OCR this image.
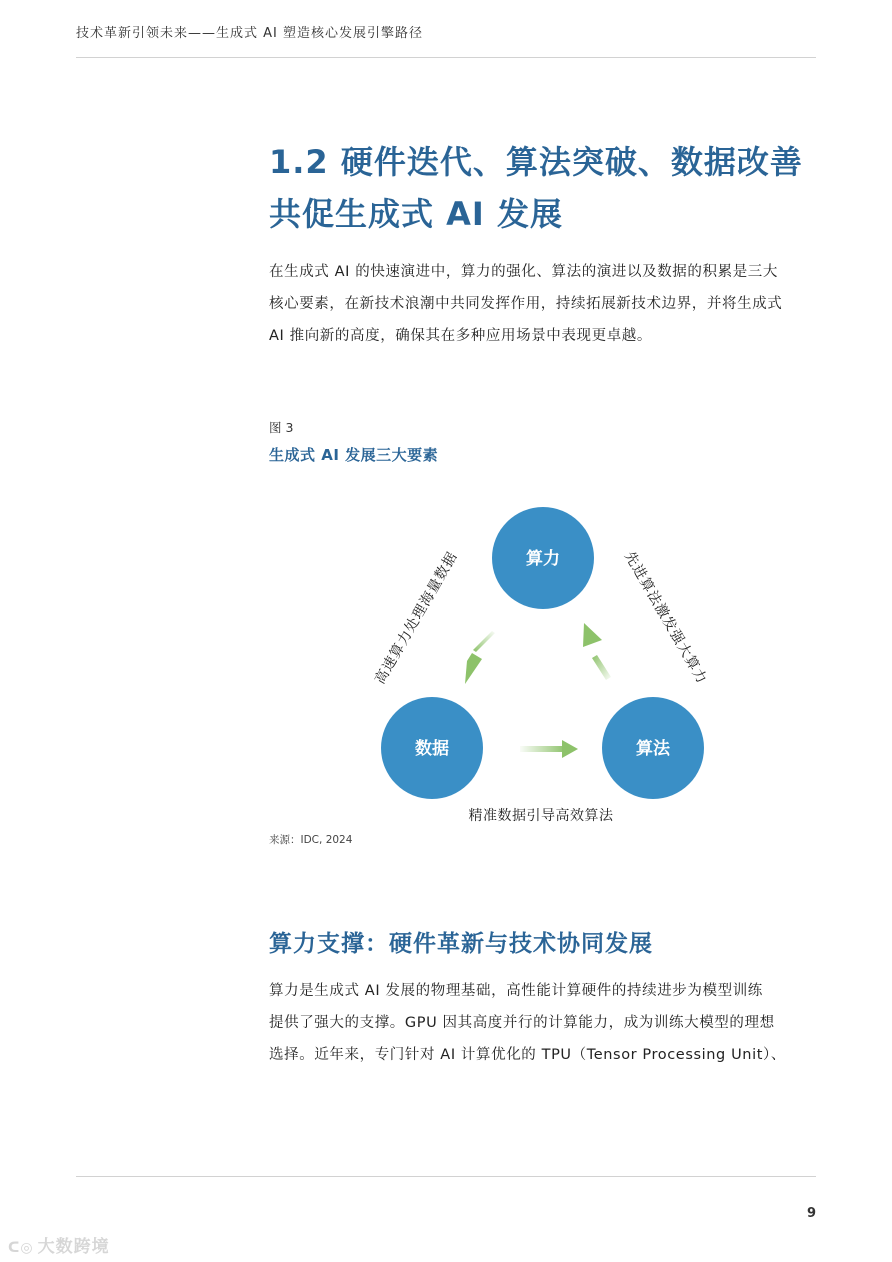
技术革新引领未来——生成式 AI 塑造核心发展引擎路径
1.2 硬件迭代、算法突破、数据改善
共促生成式 AI 发展

在生成式 AI 的快速演进中，算力的强化、算法的演进以及数据的积累是三大
核心要素，在新技术浪潮中共同发挥作用，持续拓展新技术边界，并将生成式
AI 推向新的高度，确保其在多种应用场景中表现更卓越。

图 3
生成式 AI 发展三大要素
算力
数据	算法
高速算力处理海量数据	先进算法激发强大算力
精准数据引导高效算法
来源：IDC, 2024
算力支撑：硬件革新与技术协同发展

算力是生成式 AI 发展的物理基础，高性能计算硬件的持续进步为模型训练
提供了强大的支撑。GPU 因其高度并行的计算能力，成为训练大模型的理想
选择。近年来，专门针对 AI 计算优化的 TPU（Tensor Processing Unit）、

9
ᑕ◎ 大数跨境
